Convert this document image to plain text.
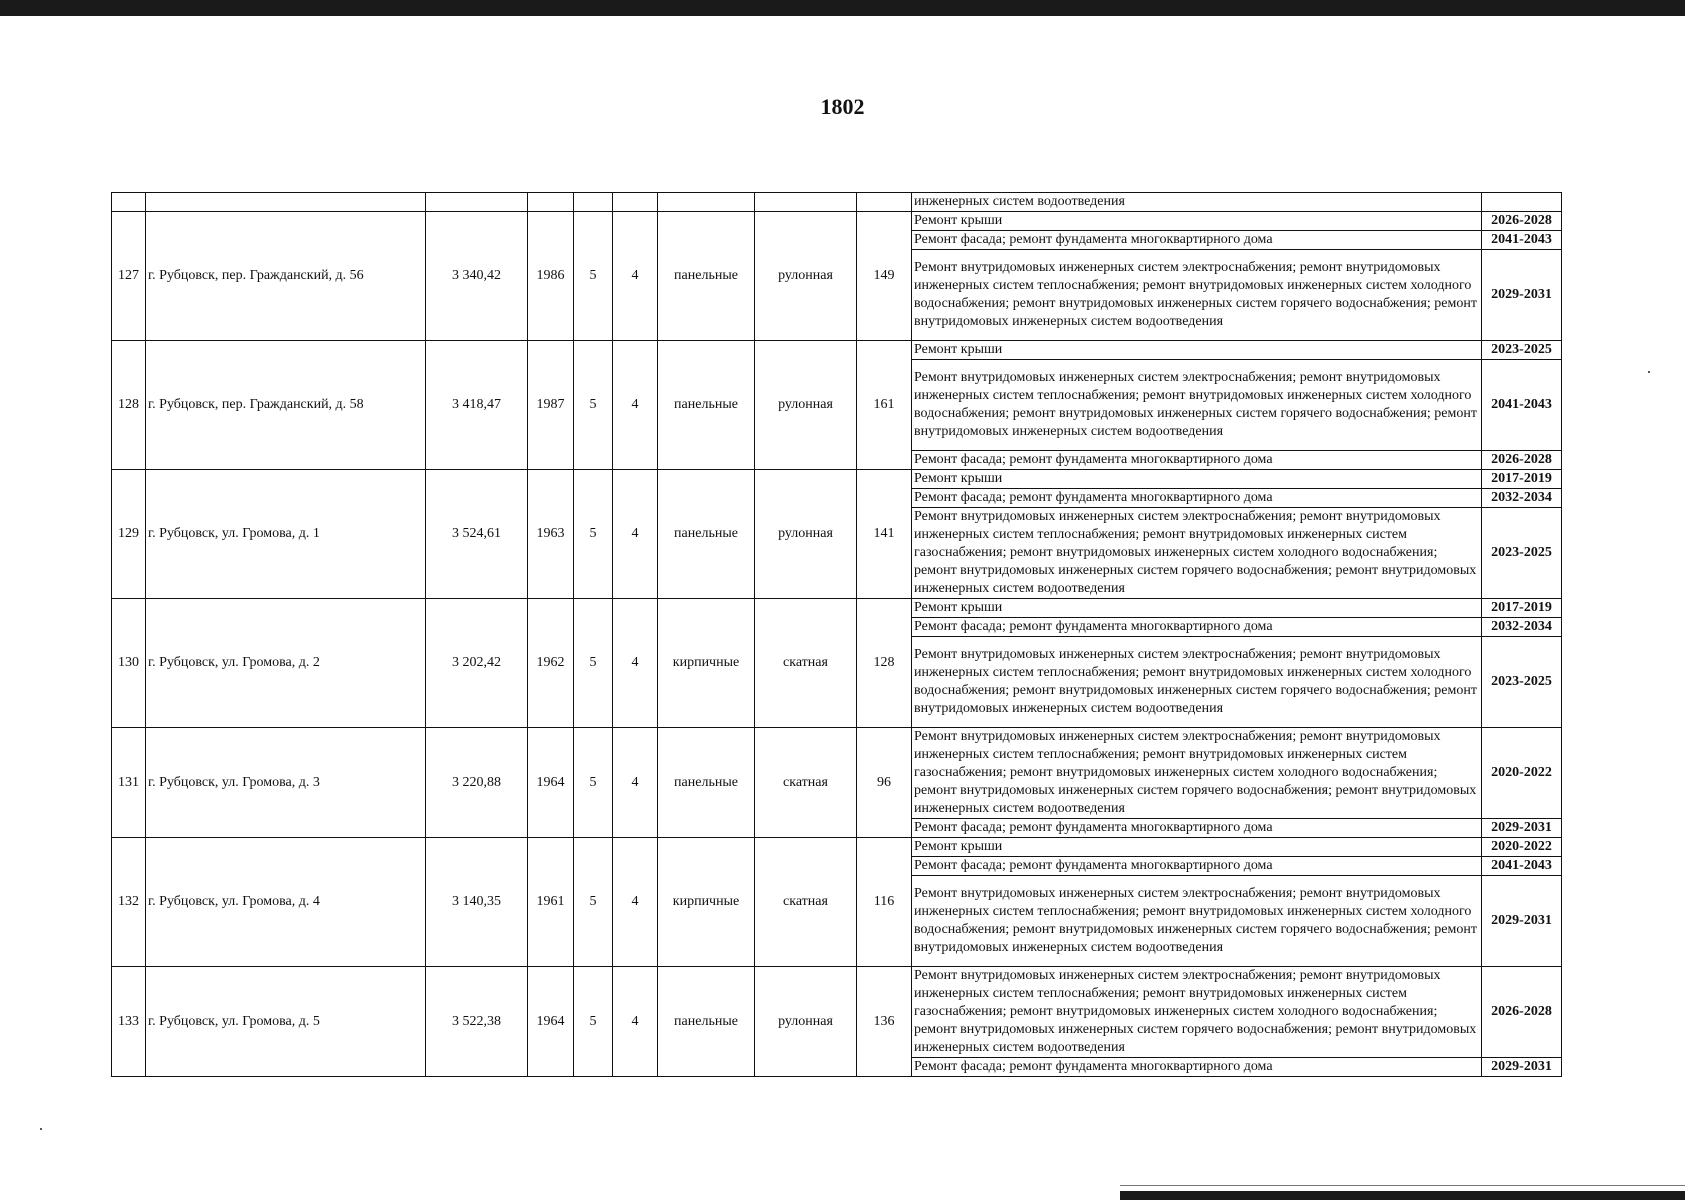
1802
									инженерных систем водоотведения	
127	г. Рубцовск, пер. Гражданский, д. 56	3 340,42	1986	5	4	панельные	рулонная	149	Ремонт крыши	2026-2028
									Ремонт фасада; ремонт фундамента многоквартирного дома	2041-2043
									Ремонт внутридомовых инженерных систем электроснабжения; ремонт внутридомовых инженерных систем теплоснабжения; ремонт внутридомовых инженерных систем холодного водоснабжения; ремонт внутридомовых инженерных систем горячего водоснабжения; ремонт внутридомовых инженерных систем водоотведения	2029-2031
128	г. Рубцовск, пер. Гражданский, д. 58	3 418,47	1987	5	4	панельные	рулонная	161	Ремонт крыши	2023-2025
									Ремонт внутридомовых инженерных систем электроснабжения; ремонт внутридомовых инженерных систем теплоснабжения; ремонт внутридомовых инженерных систем холодного водоснабжения; ремонт внутридомовых инженерных систем горячего водоснабжения; ремонт внутридомовых инженерных систем водоотведения	2041-2043
									Ремонт фасада; ремонт фундамента многоквартирного дома	2026-2028
129	г. Рубцовск, ул. Громова, д. 1	3 524,61	1963	5	4	панельные	рулонная	141	Ремонт крыши	2017-2019
									Ремонт фасада; ремонт фундамента многоквартирного дома	2032-2034
									Ремонт внутридомовых инженерных систем электроснабжения; ремонт внутридомовых инженерных систем теплоснабжения; ремонт внутридомовых инженерных систем газоснабжения; ремонт внутридомовых инженерных систем холодного водоснабжения; ремонт внутридомовых инженерных систем горячего водоснабжения; ремонт внутридомовых инженерных систем водоотведения	2023-2025
130	г. Рубцовск, ул. Громова, д. 2	3 202,42	1962	5	4	кирпичные	скатная	128	Ремонт крыши	2017-2019
									Ремонт фасада; ремонт фундамента многоквартирного дома	2032-2034
									Ремонт внутридомовых инженерных систем электроснабжения; ремонт внутридомовых инженерных систем теплоснабжения; ремонт внутридомовых инженерных систем холодного водоснабжения; ремонт внутридомовых инженерных систем горячего водоснабжения; ремонт внутридомовых инженерных систем водоотведения	2023-2025
131	г. Рубцовск, ул. Громова, д. 3	3 220,88	1964	5	4	панельные	скатная	96	Ремонт внутридомовых инженерных систем электроснабжения; ремонт внутридомовых инженерных систем теплоснабжения; ремонт внутридомовых инженерных систем газоснабжения; ремонт внутридомовых инженерных систем холодного водоснабжения; ремонт внутридомовых инженерных систем горячего водоснабжения; ремонт внутридомовых инженерных систем водоотведения	2020-2022
									Ремонт фасада; ремонт фундамента многоквартирного дома	2029-2031
132	г. Рубцовск, ул. Громова, д. 4	3 140,35	1961	5	4	кирпичные	скатная	116	Ремонт крыши	2020-2022
									Ремонт фасада; ремонт фундамента многоквартирного дома	2041-2043
									Ремонт внутридомовых инженерных систем электроснабжения; ремонт внутридомовых инженерных систем теплоснабжения; ремонт внутридомовых инженерных систем холодного водоснабжения; ремонт внутридомовых инженерных систем горячего водоснабжения; ремонт внутридомовых инженерных систем водоотведения	2029-2031
133	г. Рубцовск, ул. Громова, д. 5	3 522,38	1964	5	4	панельные	рулонная	136	Ремонт внутридомовых инженерных систем электроснабжения; ремонт внутридомовых инженерных систем теплоснабжения; ремонт внутридомовых инженерных систем газоснабжения; ремонт внутридомовых инженерных систем холодного водоснабжения; ремонт внутридомовых инженерных систем горячего водоснабжения; ремонт внутридомовых инженерных систем водоотведения	2026-2028
									Ремонт фасада; ремонт фундамента многоквартирного дома	2029-2031
